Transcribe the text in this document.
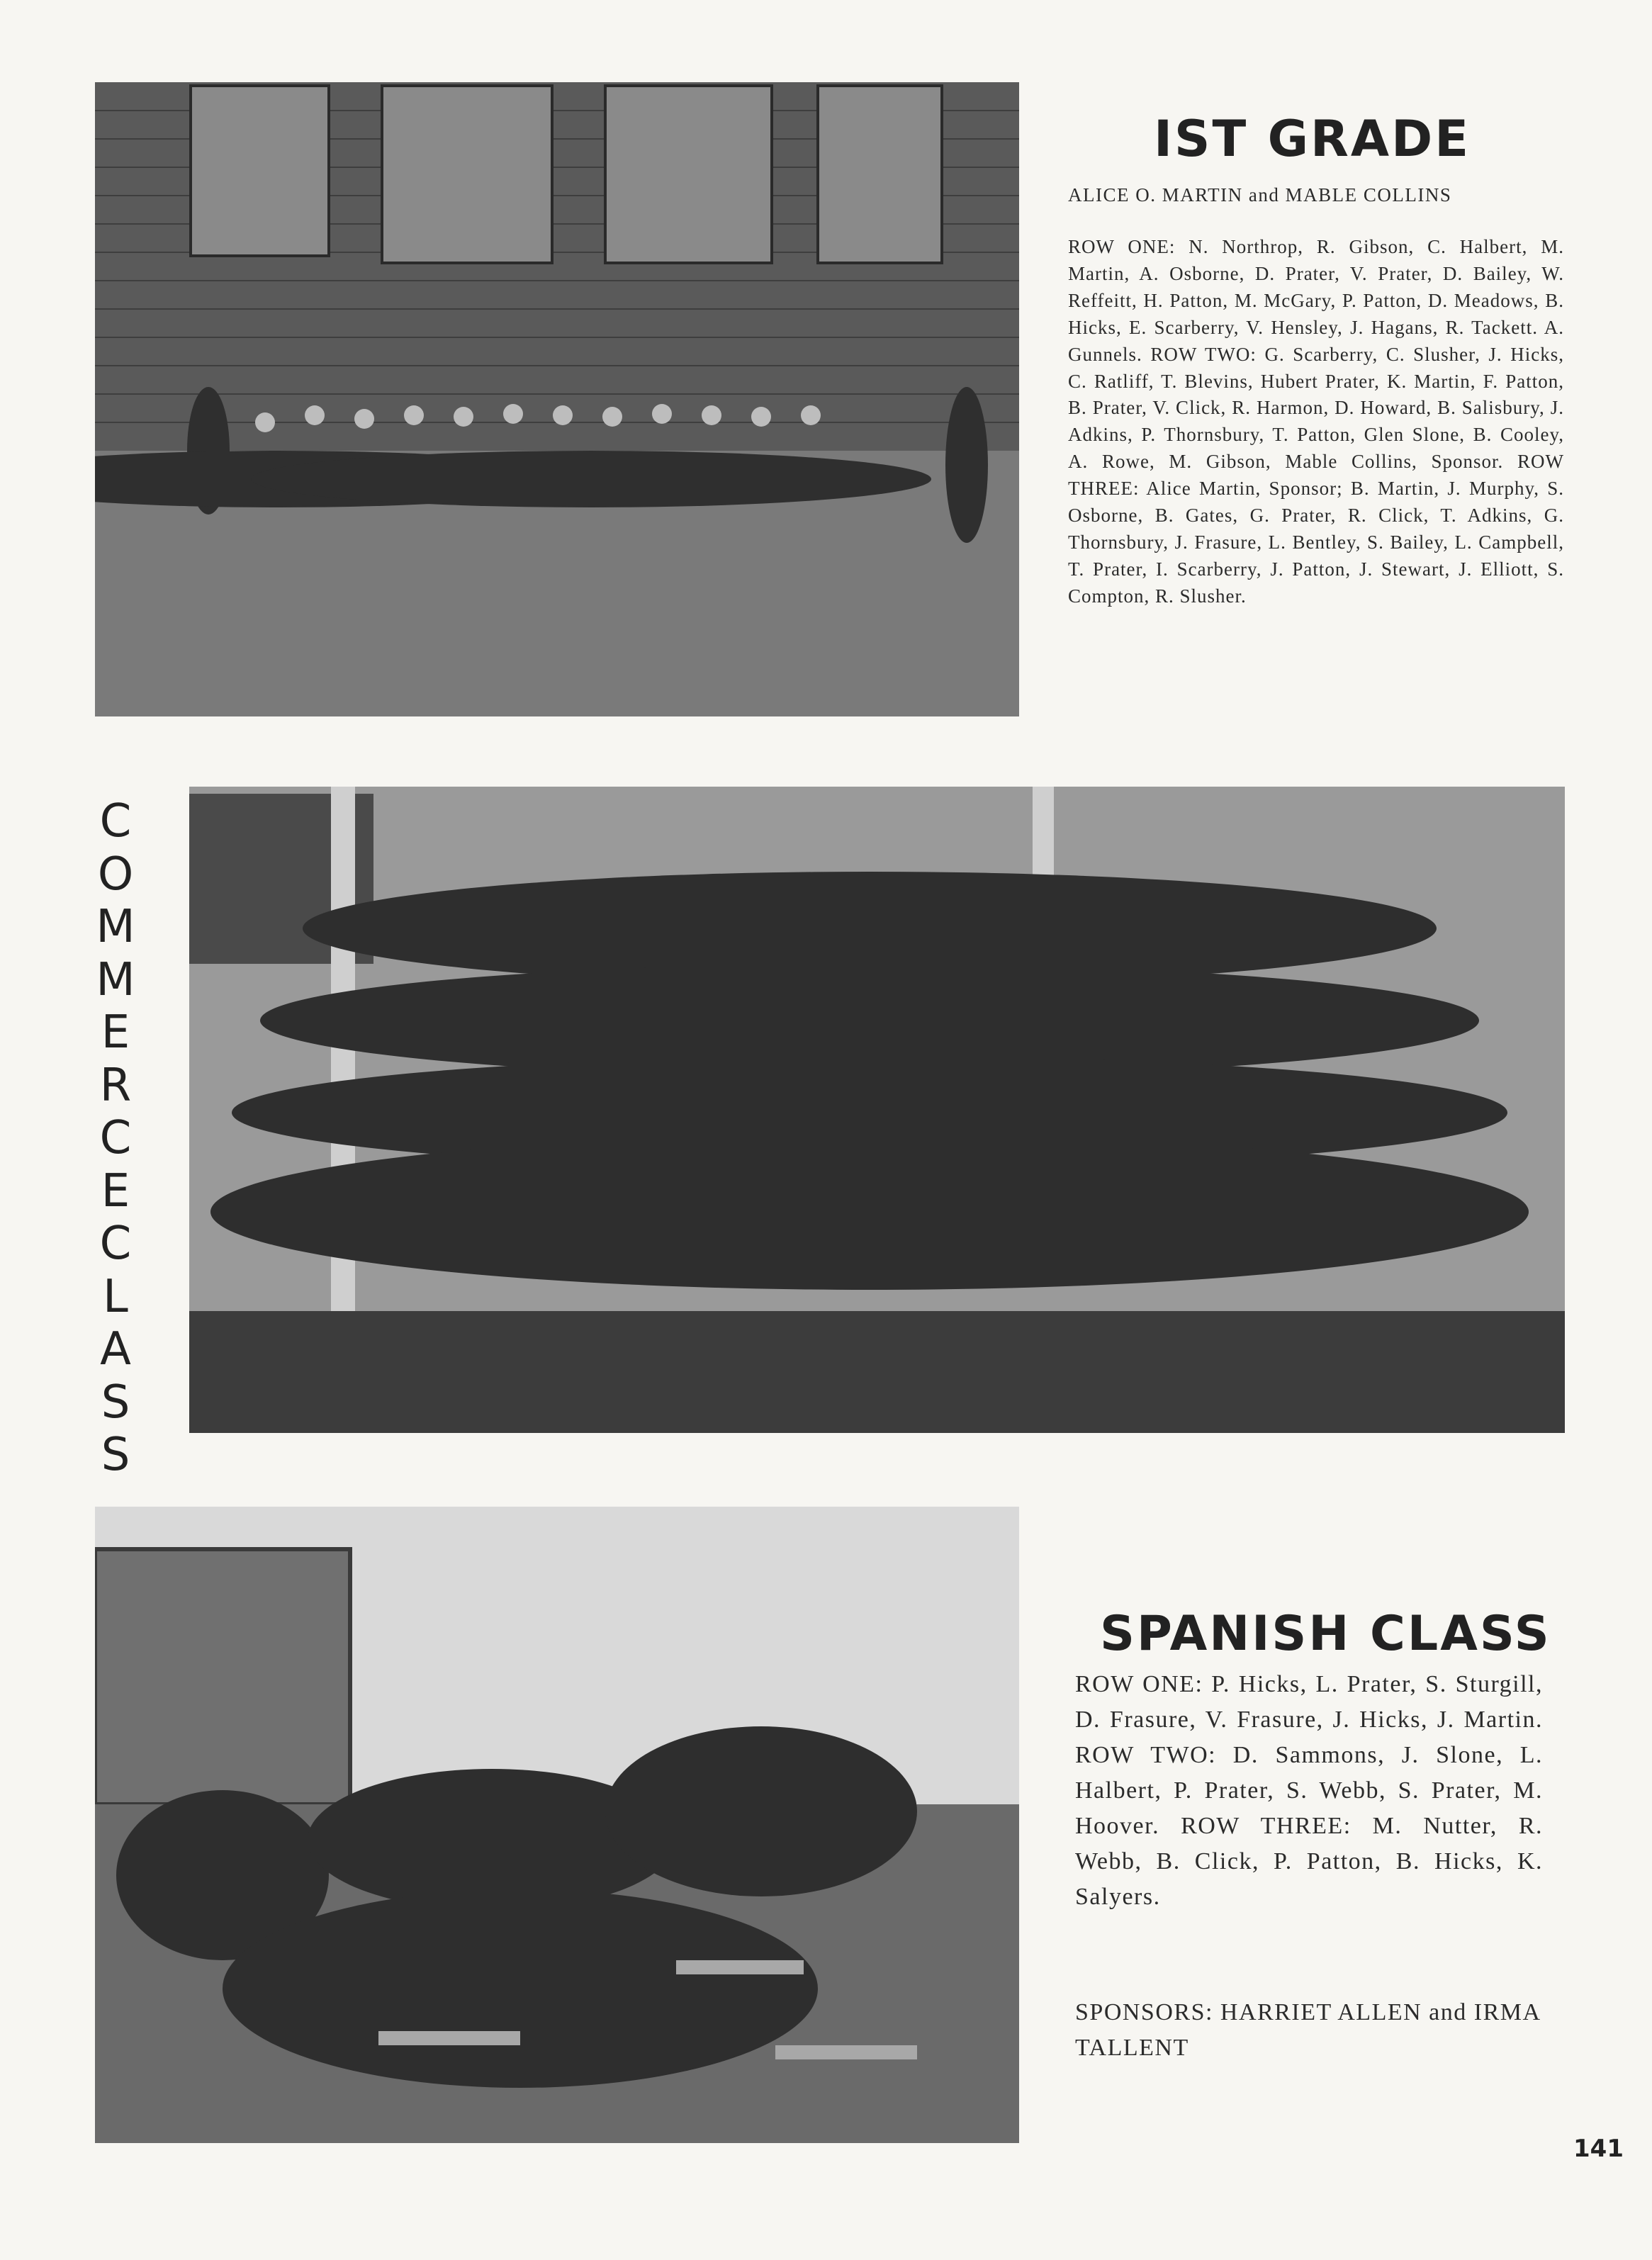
IST GRADE
ALICE O. MARTIN and MABLE COLLINS
ROW ONE: N. Northrop, R. Gibson, C. Halbert, M. Martin, A. Osborne, D. Prater, V. Prater, D. Bailey, W. Reffeitt, H. Patton, M. McGary, P. Patton, D. Meadows, B. Hicks, E. Scarberry, V. Hensley, J. Hagans, R. Tackett. A. Gunnels. ROW TWO: G. Scarberry, C. Slusher, J. Hicks, C. Ratliff, T. Blevins, Hubert Prater, K. Martin, F. Patton, B. Prater, V. Click, R. Harmon, D. Howard, B. Salisbury, J. Adkins, P. Thornsbury, T. Patton, Glen Slone, B. Cooley, A. Rowe, M. Gibson, Mable Collins, Sponsor. ROW THREE: Alice Martin, Sponsor; B. Martin, J. Murphy, S. Osborne, B. Gates, G. Prater, R. Click, T. Adkins, G. Thornsbury, J. Frasure, L. Bentley, S. Bailey, L. Campbell, T. Prater, I. Scarberry, J. Patton, J. Stewart, J. Elliott, S. Compton, R. Slusher.
COMMERCE CLASS
SPANISH CLASS
ROW ONE: P. Hicks, L. Prater, S. Sturgill, D. Frasure, V. Frasure, J. Hicks, J. Martin. ROW TWO: D. Sammons, J. Slone, L. Halbert, P. Prater, S. Webb, S. Prater, M. Hoover. ROW THREE: M. Nutter, R. Webb, B. Click, P. Patton, B. Hicks, K. Salyers.
SPONSORS: HARRIET ALLEN and IRMA TALLENT
141
